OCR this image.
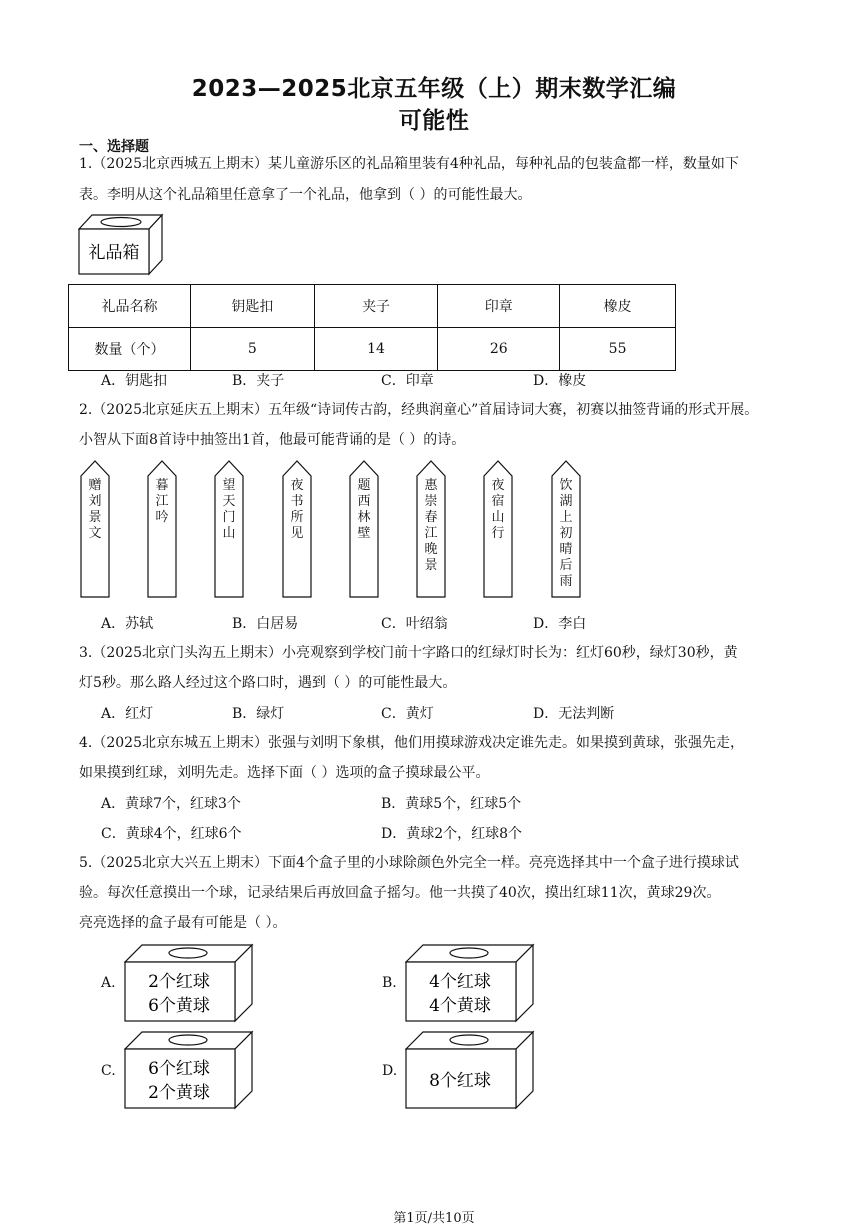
2023—2025北京五年级（上）期末数学汇编
可能性
一、选择题
1.（2025北京西城五上期末）某儿童游乐区的礼品箱里装有4种礼品，每种礼品的包装盒都一样，数量如下
表。李明从这个礼品箱里任意拿了一个礼品，他拿到（ ）的可能性最大。
礼品箱
礼品名称	钥匙扣	夹子	印章	橡皮
数量（个）	5	14	26	55
A．钥匙扣	B．夹子	C．印章	D．橡皮
2.（2025北京延庆五上期末）五年级“诗词传古韵，经典润童心”首届诗词大赛，初赛以抽签背诵的形式开展。
小智从下面8首诗中抽签出1首，他最可能背诵的是（ ）的诗。
赠
刘
景
文
暮
江
吟
望
天
门
山
夜
书
所
见
题
西
林
壁
惠
崇
春
江
晚
景
夜
宿
山
行
饮
湖
上
初
晴
后
雨
A．苏轼	B．白居易	C．叶绍翁	D．李白
3.（2025北京门头沟五上期末）小亮观察到学校门前十字路口的红绿灯时长为：红灯60秒，绿灯30秒，黄
灯5秒。那么路人经过这个路口时，遇到（ ）的可能性最大。
A．红灯	B．绿灯	C．黄灯	D．无法判断
4.（2025北京东城五上期末）张强与刘明下象棋，他们用摸球游戏决定谁先走。如果摸到黄球，张强先走，
如果摸到红球，刘明先走。选择下面（ ）选项的盒子摸球最公平。
A．黄球7个，红球3个	B．黄球5个，红球5个
C．黄球4个，红球6个	D．黄球2个，红球8个
5.（2025北京大兴五上期末）下面4个盒子里的小球除颜色外完全一样。亮亮选择其中一个盒子进行摸球试
验。每次任意摸出一个球，记录结果后再放回盒子摇匀。他一共摸了40次，摸出红球11次，黄球29次。
亮亮选择的盒子最有可能是（ ）。
A. 2个红球
6个黄球
B. 4个红球
4个黄球
C. 6个红球
2个黄球
D. 8个红球
第1页/共10页
